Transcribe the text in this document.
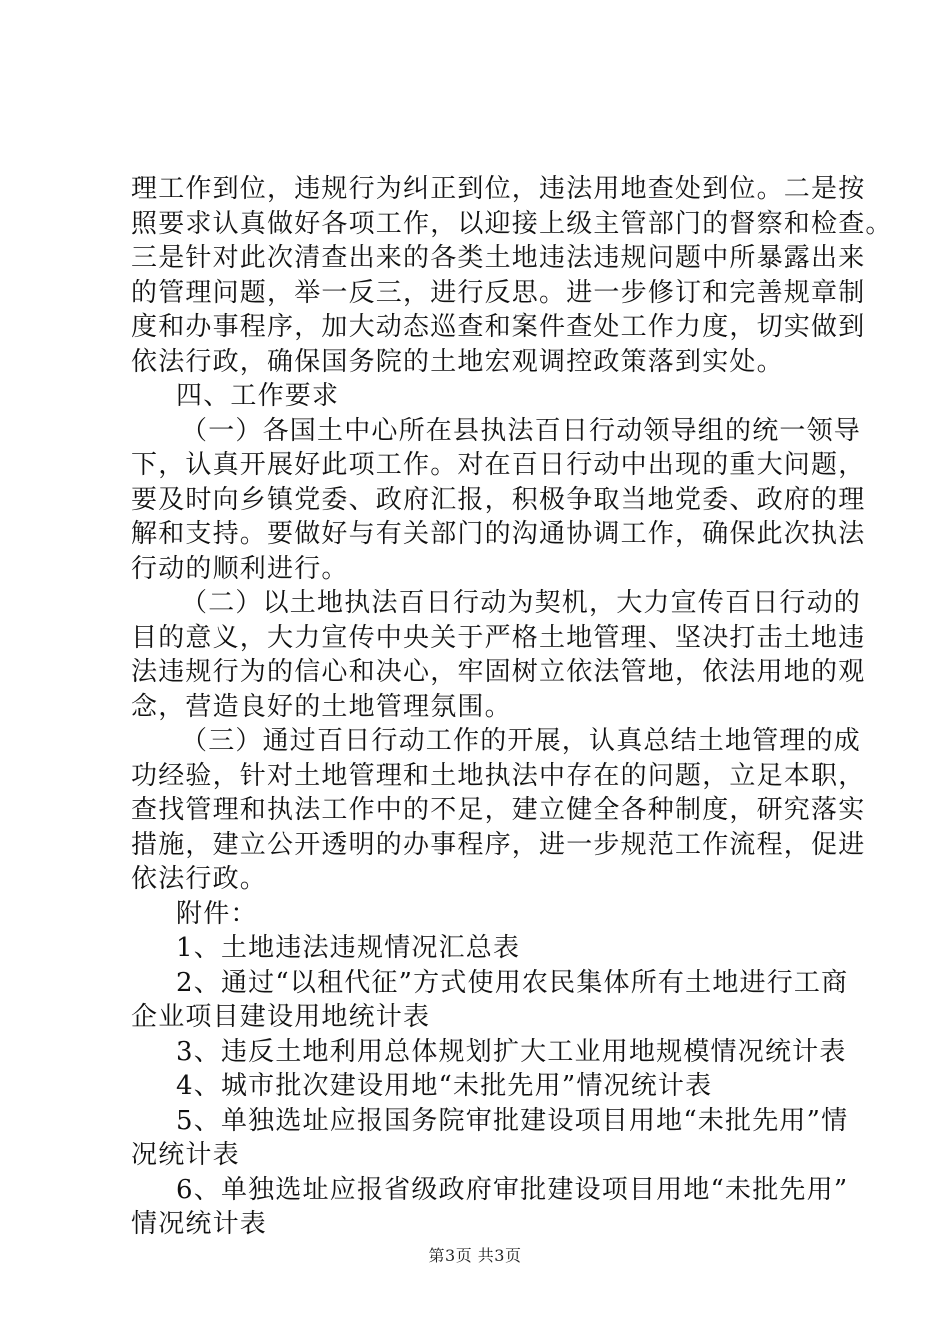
理工作到位，违规行为纠正到位，违法用地查处到位。二是按
照要求认真做好各项工作，以迎接上级主管部门的督察和检查。
三是针对此次清查出来的各类土地违法违规问题中所暴露出来
的管理问题，举一反三，进行反思。进一步修订和完善规章制
度和办事程序，加大动态巡查和案件查处工作力度，切实做到
依法行政，确保国务院的土地宏观调控政策落到实处。
四、工作要求
（一）各国土中心所在县执法百日行动领导组的统一领导
下，认真开展好此项工作。对在百日行动中出现的重大问题，
要及时向乡镇党委、政府汇报，积极争取当地党委、政府的理
解和支持。要做好与有关部门的沟通协调工作，确保此次执法
行动的顺利进行。
（二）以土地执法百日行动为契机，大力宣传百日行动的
目的意义，大力宣传中央关于严格土地管理、坚决打击土地违
法违规行为的信心和决心，牢固树立依法管地，依法用地的观
念，营造良好的土地管理氛围。
（三）通过百日行动工作的开展，认真总结土地管理的成
功经验，针对土地管理和土地执法中存在的问题，立足本职，
查找管理和执法工作中的不足，建立健全各种制度，研究落实
措施，建立公开透明的办事程序，进一步规范工作流程，促进
依法行政。
附件：
1、土地违法违规情况汇总表
2、通过“以租代征”方式使用农民集体所有土地进行工商
企业项目建设用地统计表
3、违反土地利用总体规划扩大工业用地规模情况统计表
4、城市批次建设用地“未批先用”情况统计表
5、单独选址应报国务院审批建设项目用地“未批先用”情
况统计表
6、单独选址应报省级政府审批建设项目用地“未批先用”
情况统计表
第3页 共3页
